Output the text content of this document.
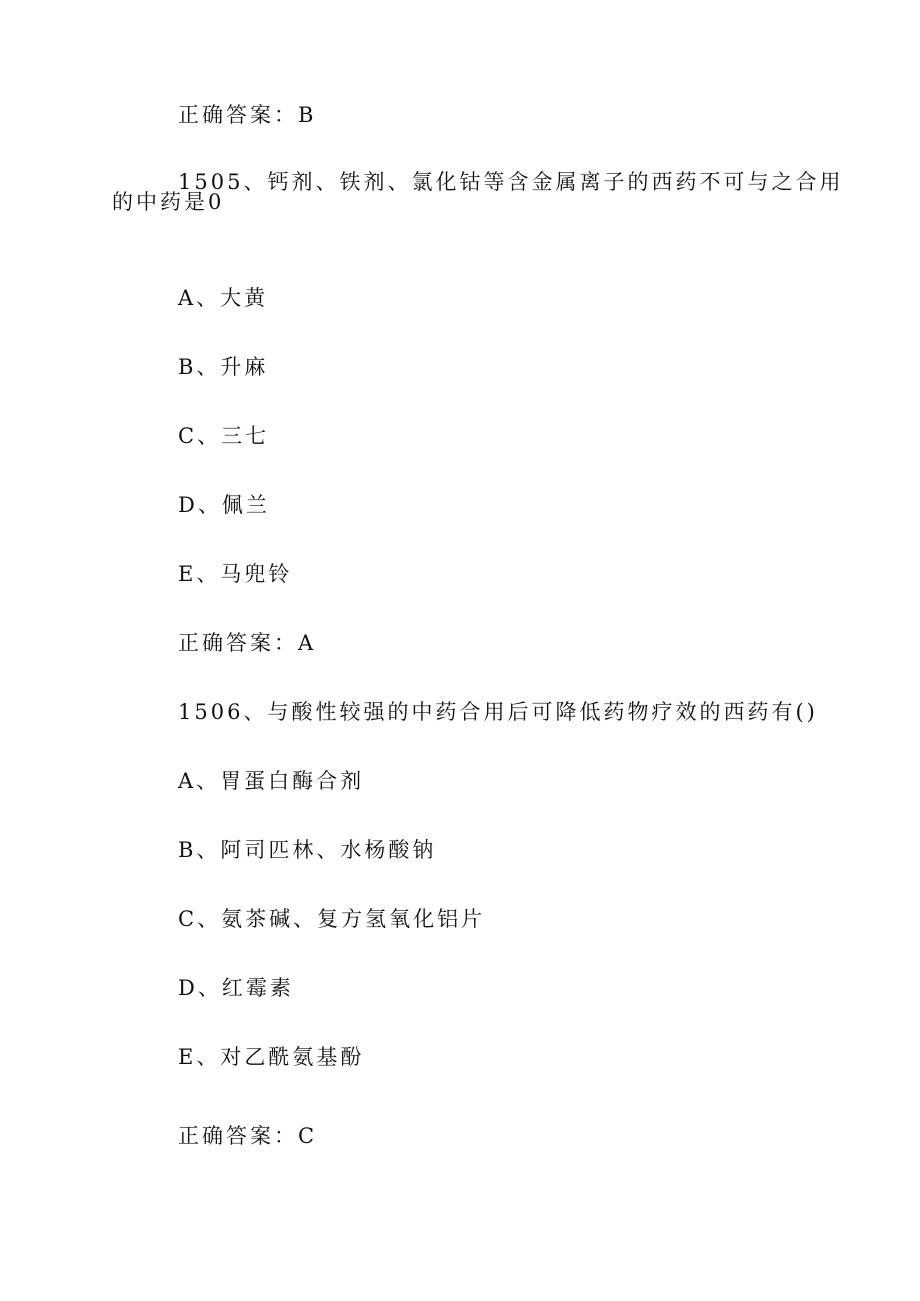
正确答案：B
1505、钙剂、铁剂、氯化钴等含金属离子的西药不可与之合用
的中药是0
A、大黄
B、升麻
C、三七
D、佩兰
E、马兜铃
正确答案：A
1506、与酸性较强的中药合用后可降低药物疗效的西药有()
A、胃蛋白酶合剂
B、阿司匹林、水杨酸钠
C、氨茶碱、复方氢氧化铝片
D、红霉素
E、对乙酰氨基酚
正确答案：C
